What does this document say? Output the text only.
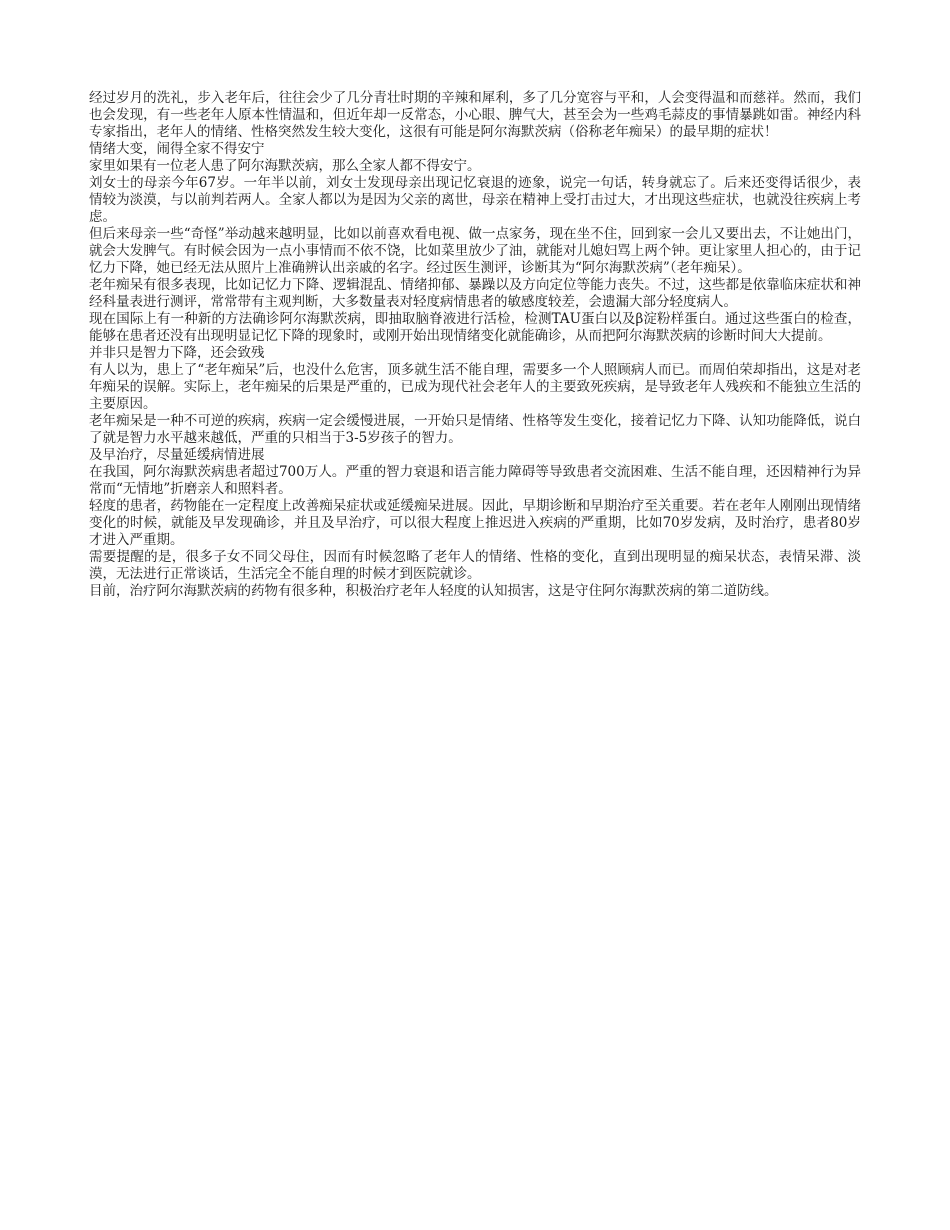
经过岁月的洗礼，步入老年后，往往会少了几分青壮时期的辛辣和犀利，多了几分宽容与平和，人会变得温和而慈祥。然而，我们也会发现，有一些老年人原本性情温和，但近年却一反常态，小心眼、脾气大，甚至会为一些鸡毛蒜皮的事情暴跳如雷。神经内科专家指出，老年人的情绪、性格突然发生较大变化，这很有可能是阿尔海默茨病（俗称老年痴呆）的最早期的症状！

情绪大变，闹得全家不得安宁

家里如果有一位老人患了阿尔海默茨病，那么全家人都不得安宁。

刘女士的母亲今年67岁。一年半以前，刘女士发现母亲出现记忆衰退的迹象，说完一句话，转身就忘了。后来还变得话很少，表情较为淡漠，与以前判若两人。全家人都以为是因为父亲的离世，母亲在精神上受打击过大，才出现这些症状，也就没往疾病上考虑。

但后来母亲一些“奇怪”举动越来越明显，比如以前喜欢看电视、做一点家务，现在坐不住，回到家一会儿又要出去，不让她出门，就会大发脾气。有时候会因为一点小事情而不依不饶，比如菜里放少了油，就能对儿媳妇骂上两个钟。更让家里人担心的，由于记忆力下降，她已经无法从照片上准确辨认出亲戚的名字。经过医生测评，诊断其为“阿尔海默茨病”（老年痴呆）。

老年痴呆有很多表现，比如记忆力下降、逻辑混乱、情绪抑郁、暴躁以及方向定位等能力丧失。不过，这些都是依靠临床症状和神经科量表进行测评，常常带有主观判断，大多数量表对轻度病情患者的敏感度较差，会遗漏大部分轻度病人。

现在国际上有一种新的方法确诊阿尔海默茨病，即抽取脑脊液进行活检，检测TAU蛋白以及β淀粉样蛋白。通过这些蛋白的检查，能够在患者还没有出现明显记忆下降的现象时，或刚开始出现情绪变化就能确诊，从而把阿尔海默茨病的诊断时间大大提前。

并非只是智力下降，还会致残

有人以为，患上了“老年痴呆”后，也没什么危害，顶多就生活不能自理，需要多一个人照顾病人而已。而周伯荣却指出，这是对老年痴呆的误解。实际上，老年痴呆的后果是严重的，已成为现代社会老年人的主要致死疾病，是导致老年人残疾和不能独立生活的主要原因。

老年痴呆是一种不可逆的疾病，疾病一定会缓慢进展，一开始只是情绪、性格等发生变化，接着记忆力下降、认知功能降低，说白了就是智力水平越来越低，严重的只相当于3-5岁孩子的智力。

及早治疗，尽量延缓病情进展

在我国，阿尔海默茨病患者超过700万人。严重的智力衰退和语言能力障碍等导致患者交流困难、生活不能自理，还因精神行为异常而“无情地”折磨亲人和照料者。

轻度的患者，药物能在一定程度上改善痴呆症状或延缓痴呆进展。因此，早期诊断和早期治疗至关重要。若在老年人刚刚出现情绪变化的时候，就能及早发现确诊，并且及早治疗，可以很大程度上推迟进入疾病的严重期，比如70岁发病，及时治疗，患者80岁才进入严重期。

需要提醒的是，很多子女不同父母住，因而有时候忽略了老年人的情绪、性格的变化，直到出现明显的痴呆状态，表情呆滞、淡漠，无法进行正常谈话，生活完全不能自理的时候才到医院就诊。

目前，治疗阿尔海默茨病的药物有很多种，积极治疗老年人轻度的认知损害，这是守住阿尔海默茨病的第二道防线。
